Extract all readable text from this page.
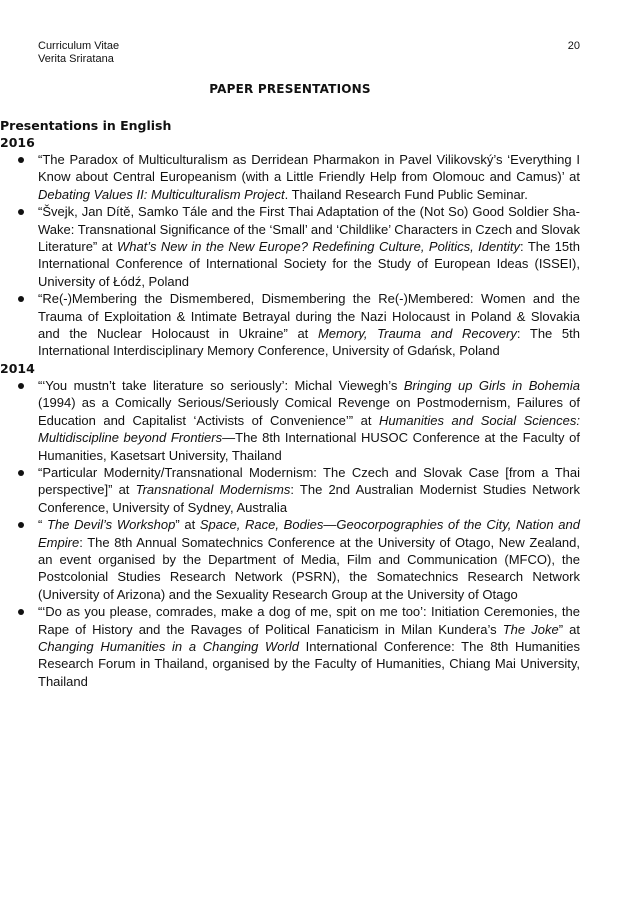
Curriculum Vitae
Verita Sriratana
20
PAPER PRESENTATIONS
Presentations in English
2016
“The Paradox of Multiculturalism as Derridean Pharmakon in Pavel Vilikovský’s ‘Everything I Know about Central Europeanism (with a Little Friendly Help from Olomouc and Camus)’ at Debating Values II: Multiculturalism Project. Thailand Research Fund Public Seminar.
“Švejk, Jan Dítě, Samko Tále and the First Thai Adaptation of the (Not So) Good Soldier Sha-Wake: Transnational Significance of the ‘Small’ and ‘Childlike’ Characters in Czech and Slovak Literature” at What’s New in the New Europe? Redefining Culture, Politics, Identity: The 15th International Conference of International Society for the Study of European Ideas (ISSEI), University of Łódź, Poland
“Re(-)Membering the Dismembered, Dismembering the Re(-)Membered: Women and the Trauma of Exploitation & Intimate Betrayal during the Nazi Holocaust in Poland & Slovakia and the Nuclear Holocaust in Ukraine” at Memory, Trauma and Recovery: The 5th International Interdisciplinary Memory Conference, University of Gdańsk, Poland
2014
“‘You mustn’t take literature so seriously’: Michal Viewegh’s Bringing up Girls in Bohemia (1994) as a Comically Serious/Seriously Comical Revenge on Postmodernism, Failures of Education and Capitalist ‘Activists of Convenience’” at Humanities and Social Sciences: Multidiscipline beyond Frontiers—The 8th International HUSOC Conference at the Faculty of Humanities, Kasetsart University, Thailand
“Particular Modernity/Transnational Modernism: The Czech and Slovak Case [from a Thai perspective]” at Transnational Modernisms: The 2nd Australian Modernist Studies Network Conference, University of Sydney, Australia
“ The Devil’s Workshop” at Space, Race, Bodies—Geocorpographies of the City, Nation and Empire: The 8th Annual Somatechnics Conference at the University of Otago, New Zealand, an event organised by the Department of Media, Film and Communication (MFCO), the Postcolonial Studies Research Network (PSRN), the Somatechnics Research Network (University of Arizona) and the Sexuality Research Group at the University of Otago
“‘Do as you please, comrades, make a dog of me, spit on me too’: Initiation Ceremonies, the Rape of History and the Ravages of Political Fanaticism in Milan Kundera’s The Joke” at Changing Humanities in a Changing World International Conference: The 8th Humanities Research Forum in Thailand, organised by the Faculty of Humanities, Chiang Mai University, Thailand
